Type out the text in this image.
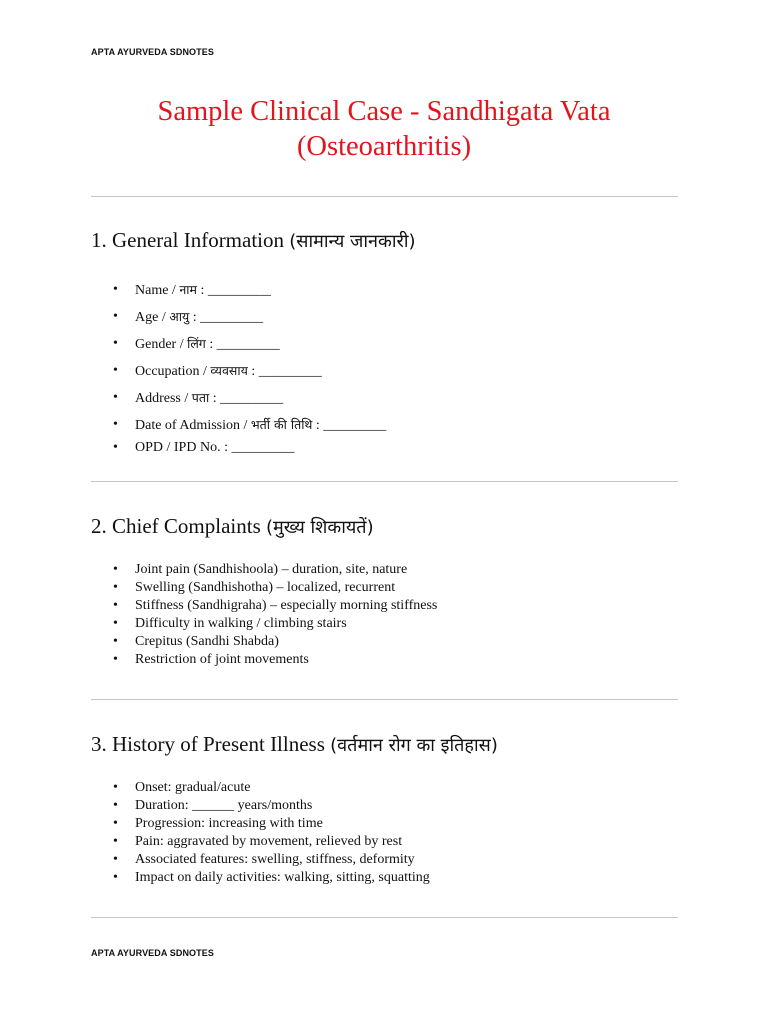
APTA AYURVEDA SDNOTES
Sample Clinical Case - Sandhigata Vata
(Osteoarthritis)
1. General Information (सामान्य जानकारी)
• Name / नाम : _________
• Age / आयु : _________
• Gender / लिंग : _________
• Occupation / व्यवसाय : _________
• Address / पता : _________
• Date of Admission / भर्ती की तिथि : _________
• OPD / IPD No. : _________
2. Chief Complaints (मुख्य शिकायतें)
• Joint pain (Sandhishoola) – duration, site, nature
• Swelling (Sandhishotha) – localized, recurrent
• Stiffness (Sandhigraha) – especially morning stiffness
• Difficulty in walking / climbing stairs
• Crepitus (Sandhi Shabda)
• Restriction of joint movements
3. History of Present Illness (वर्तमान रोग का इतिहास)
• Onset: gradual/acute
• Duration: ______ years/months
• Progression: increasing with time
• Pain: aggravated by movement, relieved by rest
• Associated features: swelling, stiffness, deformity
• Impact on daily activities: walking, sitting, squatting
APTA AYURVEDA SDNOTES
